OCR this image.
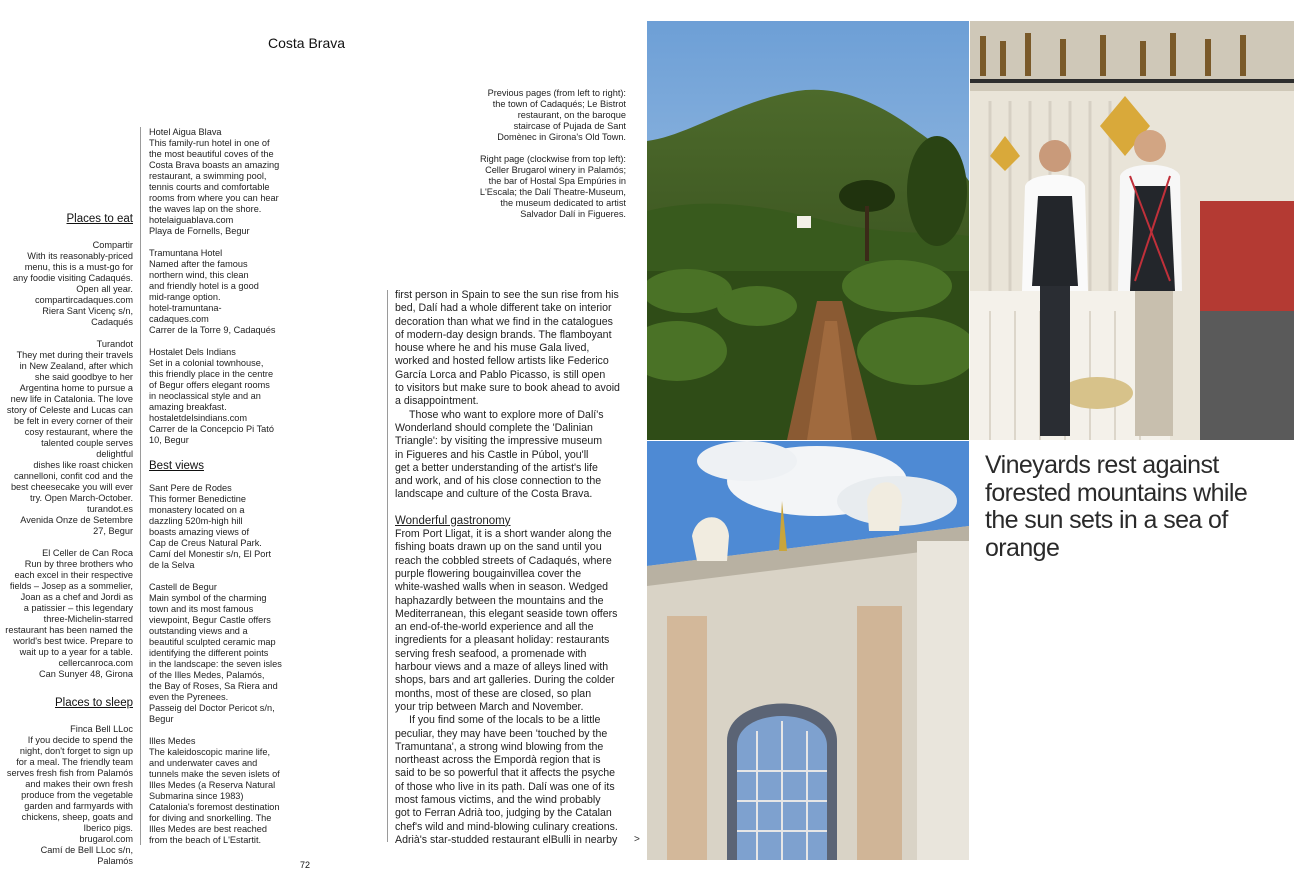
Costa Brava
Places to eat

Compartir
With its reasonably-priced
menu, this is a must-go for
any foodie visiting Cadaqués.
Open all year.
compartircadaques.com
Riera Sant Vicenç s/n,
Cadaqués

Turandot
They met during their travels
in New Zealand, after which
she said goodbye to her
Argentina home to pursue a
new life in Catalonia. The love
story of Celeste and Lucas can
be felt in every corner of their
cosy restaurant, where the
talented couple serves delightful
dishes like roast chicken
cannelloni, confit cod and the
best cheesecake you will ever
try. Open March-October.
turandot.es
Avenida Onze de Setembre
27, Begur

El Celler de Can Roca
Run by three brothers who
each excel in their respective
fields – Josep as a sommelier,
Joan as a chef and Jordi as
a patissier – this legendary
three-Michelin-starred
restaurant has been named the
world's best twice. Prepare to
wait up to a year for a table.
cellercanroca.com
Can Sunyer 48, Girona

Places to sleep

Finca Bell LLoc
If you decide to spend the
night, don't forget to sign up
for a meal. The friendly team
serves fresh fish from Palamós
and makes their own fresh
produce from the vegetable
garden and farmyards with
chickens, sheep, goats and
Iberico pigs.
brugarol.com
Camí de Bell LLoc s/n,
Palamós

Hotel Aigua Blava
This family-run hotel in one of
the most beautiful coves of the
Costa Brava boasts an amazing
restaurant, a swimming pool,
tennis courts and comfortable
rooms from where you can hear
the waves lap on the shore.
hotelaiguablava.com
Playa de Fornells, Begur

Tramuntana Hotel
Named after the famous
northern wind, this clean
and friendly hotel is a good
mid-range option.
hotel-tramuntana-
cadaques.com
Carrer de la Torre 9, Cadaqués

Hostalet Dels Indians
Set in a colonial townhouse,
this friendly place in the centre
of Begur offers elegant rooms
in neoclassical style and an
amazing breakfast.
hostaletdelsindians.com
Carrer de la Concepcio Pi Tató
10, Begur

Best views

Sant Pere de Rodes
This former Benedictine
monastery located on a
dazzling 520m-high hill
boasts amazing views of
Cap de Creus Natural Park.
Camí del Monestir s/n, El Port
de la Selva

Castell de Begur
Main symbol of the charming
town and its most famous
viewpoint, Begur Castle offers
outstanding views and a
beautiful sculpted ceramic map
identifying the different points
in the landscape: the seven isles
of the Illes Medes, Palamós,
the Bay of Roses, Sa Riera and
even the Pyrenees.
Passeig del Doctor Pericot s/n,
Begur

Illes Medes
The kaleidoscopic marine life,
and underwater caves and
tunnels make the seven islets of
Illes Medes (a Reserva Natural
Submarina since 1983)
Catalonia's foremost destination
for diving and snorkelling. The
Illes Medes are best reached
from the beach of L'Estartit.

Previous pages (from left to right):
the town of Cadaqués; Le Bistrot
restaurant, on the baroque
staircase of Pujada de Sant
Domènec in Girona's Old Town.

Right page (clockwise from top left):
Celler Brugarol winery in Palamós;
the bar of Hostal Spa Empúries in
L'Escala; the Dalí Theatre-Museum,
the museum dedicated to artist
Salvador Dalí in Figueres.

first person in Spain to see the sun rise from his
bed, Dalí had a whole different take on interior
decoration than what we find in the catalogues
of modern-day design brands. The flamboyant
house where he and his muse Gala lived,
worked and hosted fellow artists like Federico
García Lorca and Pablo Picasso, is still open
to visitors but make sure to book ahead to avoid
a disappointment.

Those who want to explore more of Dalí's
Wonderland should complete the 'Dalinian
Triangle': by visiting the impressive museum
in Figueres and his Castle in Púbol, you'll
get a better understanding of the artist's life
and work, and of his close connection to the
landscape and culture of the Costa Brava.

Wonderful gastronomy

From Port Lligat, it is a short wander along the
fishing boats drawn up on the sand until you
reach the cobbled streets of Cadaqués, where
purple flowering bougainvillea cover the
white-washed walls when in season. Wedged
haphazardly between the mountains and the
Mediterranean, this elegant seaside town offers
an end-of-the-world experience and all the
ingredients for a pleasant holiday: restaurants
serving fresh seafood, a promenade with
harbour views and a maze of alleys lined with
shops, bars and art galleries. During the colder
months, most of these are closed, so plan
your trip between March and November.

If you find some of the locals to be a little
peculiar, they may have been 'touched by the
Tramuntana', a strong wind blowing from the
northeast across the Empordà region that is
said to be so powerful that it affects the psyche
of those who live in its path. Dalí was one of its
most famous victims, and the wind probably
got to Ferran Adrià too, judging by the Catalan
chef's wild and mind-blowing culinary creations.
Adrià's star-studded restaurant elBulli in nearby	>
72
Vineyards rest against forested mountains while the sun sets in a sea of orange
